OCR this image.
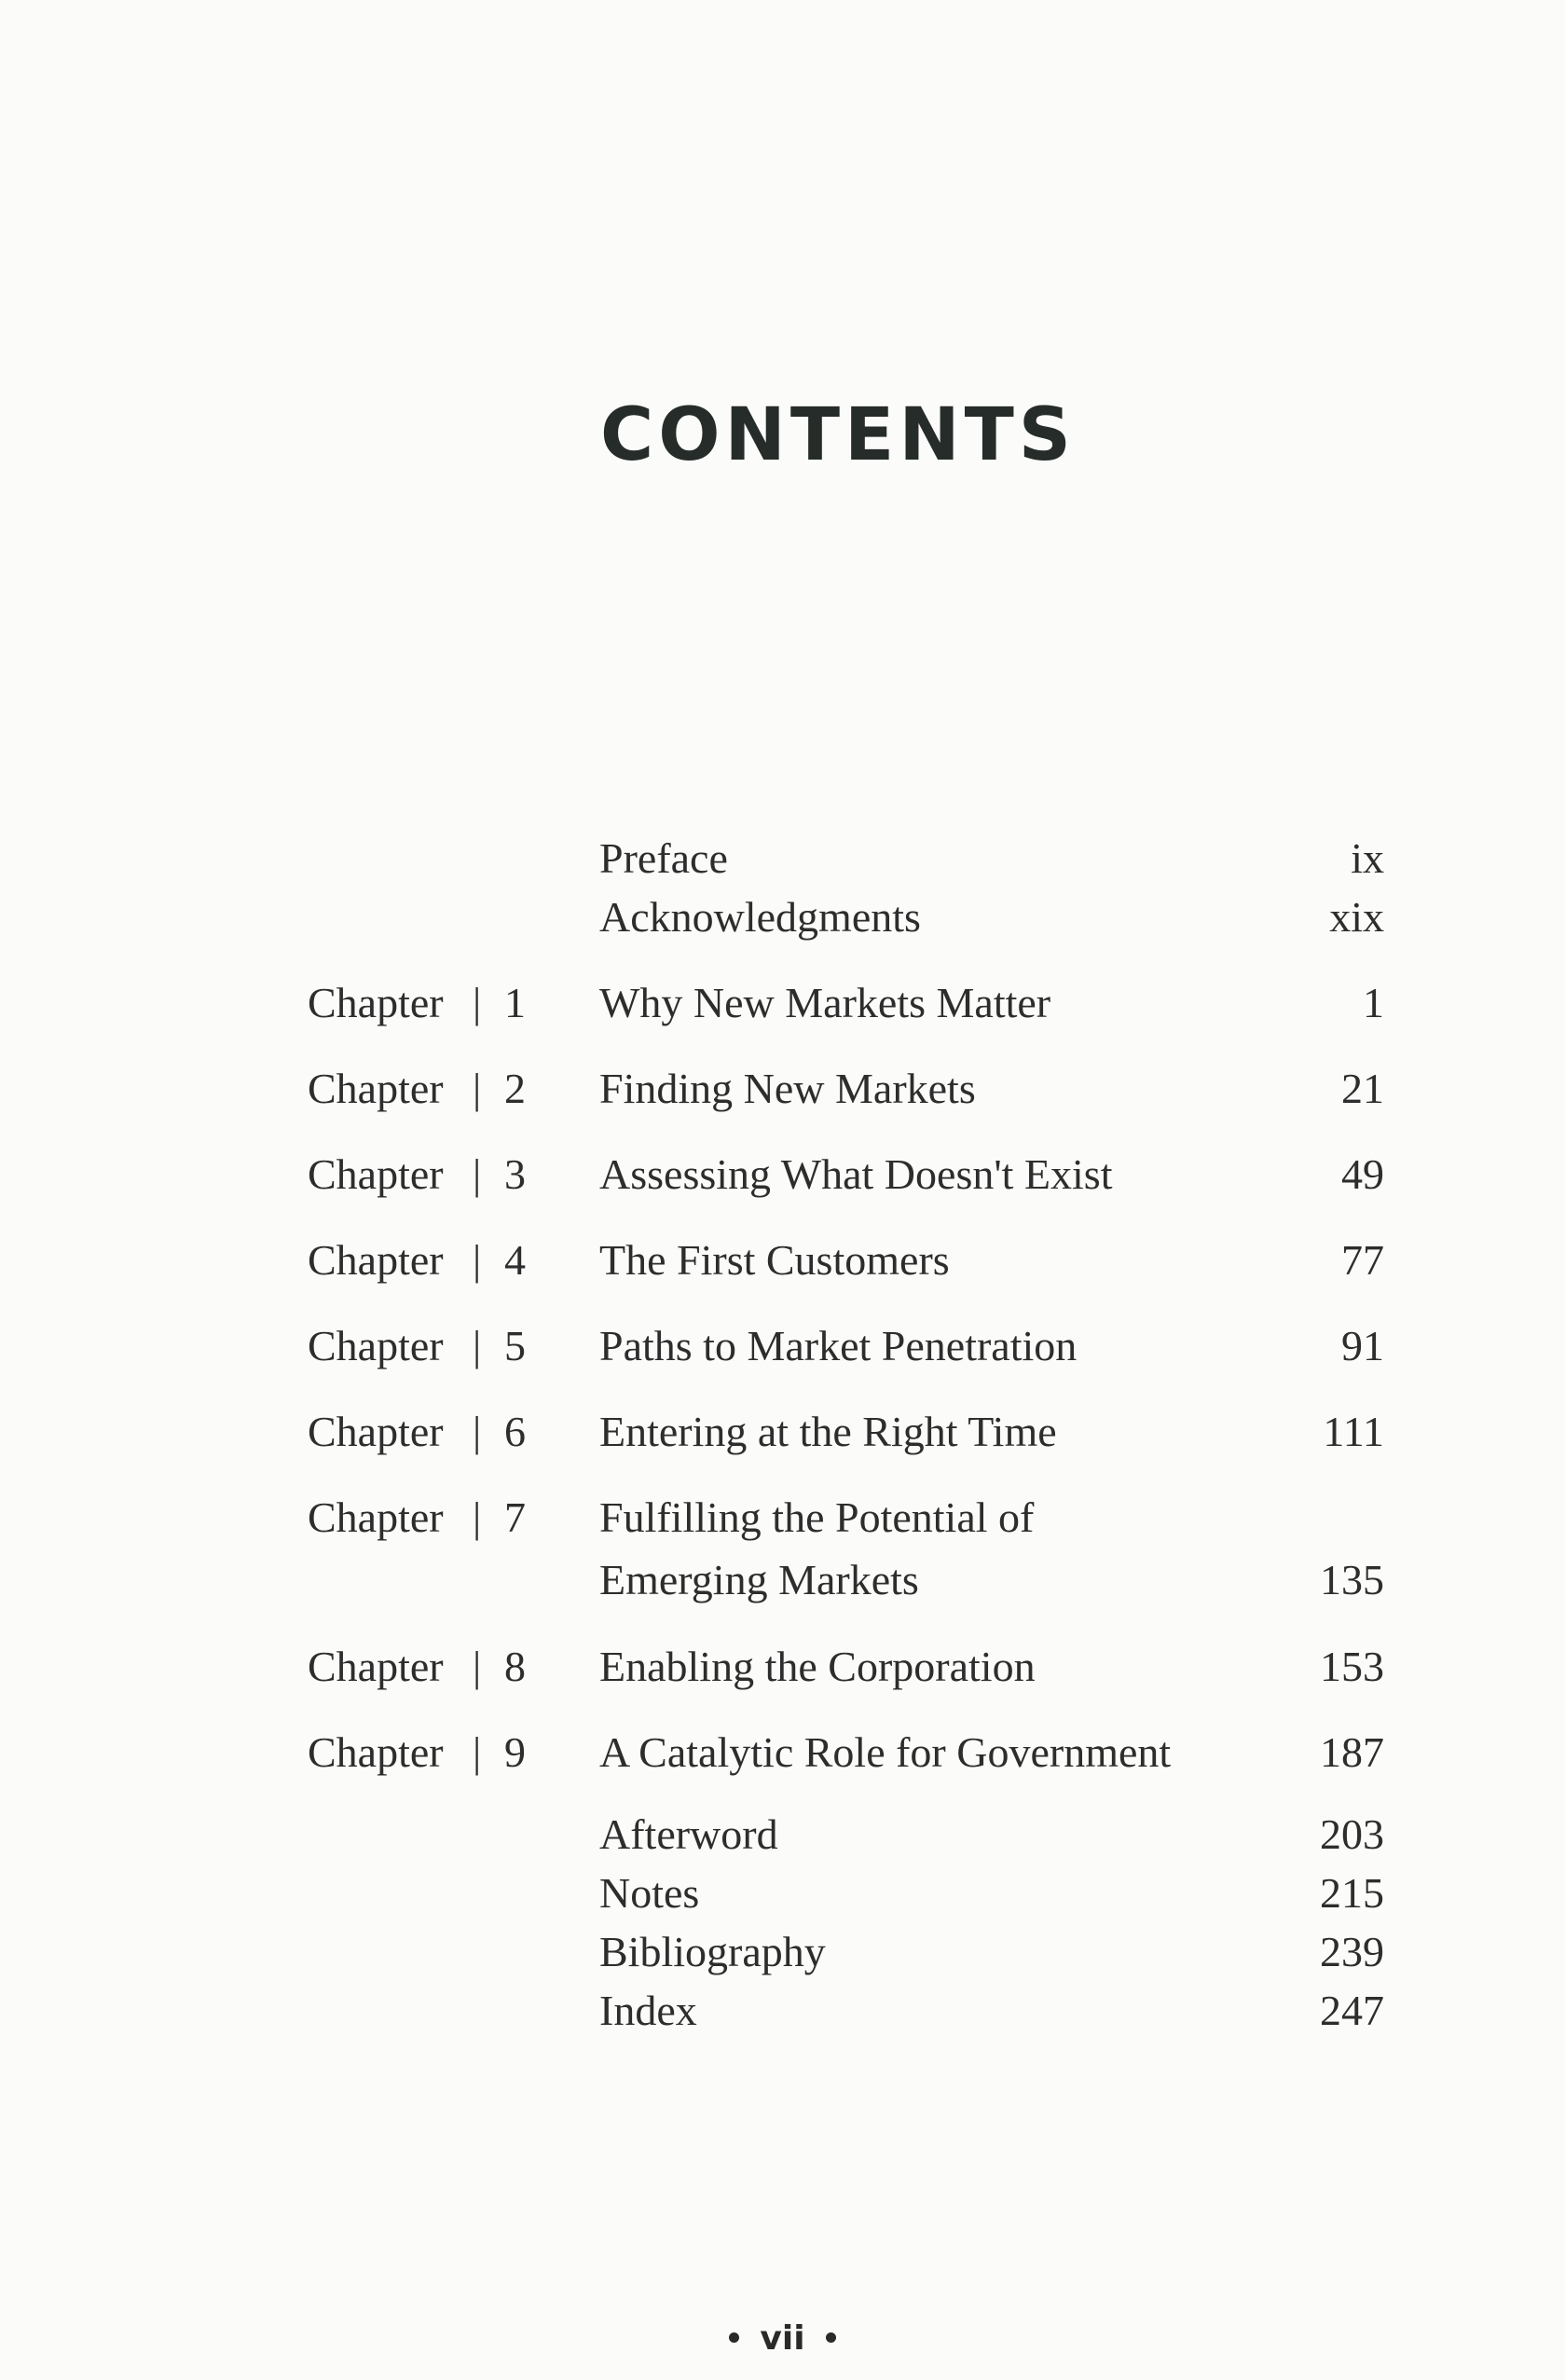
CONTENTS
Preface	ix
Acknowledgments	xix
Chapter | 1 Why New Markets Matter	1
Chapter | 2 Finding New Markets	21
Chapter | 3 Assessing What Doesn't Exist	49
Chapter | 4 The First Customers	77
Chapter | 5 Paths to Market Penetration	91
Chapter | 6 Entering at the Right Time	111
Chapter | 7 Fulfilling the Potential of
Emerging Markets	135
Chapter | 8 Enabling the Corporation	153
Chapter | 9 A Catalytic Role for Government	187
Afterword	203
Notes	215
Bibliography	239
Index	247
vii
